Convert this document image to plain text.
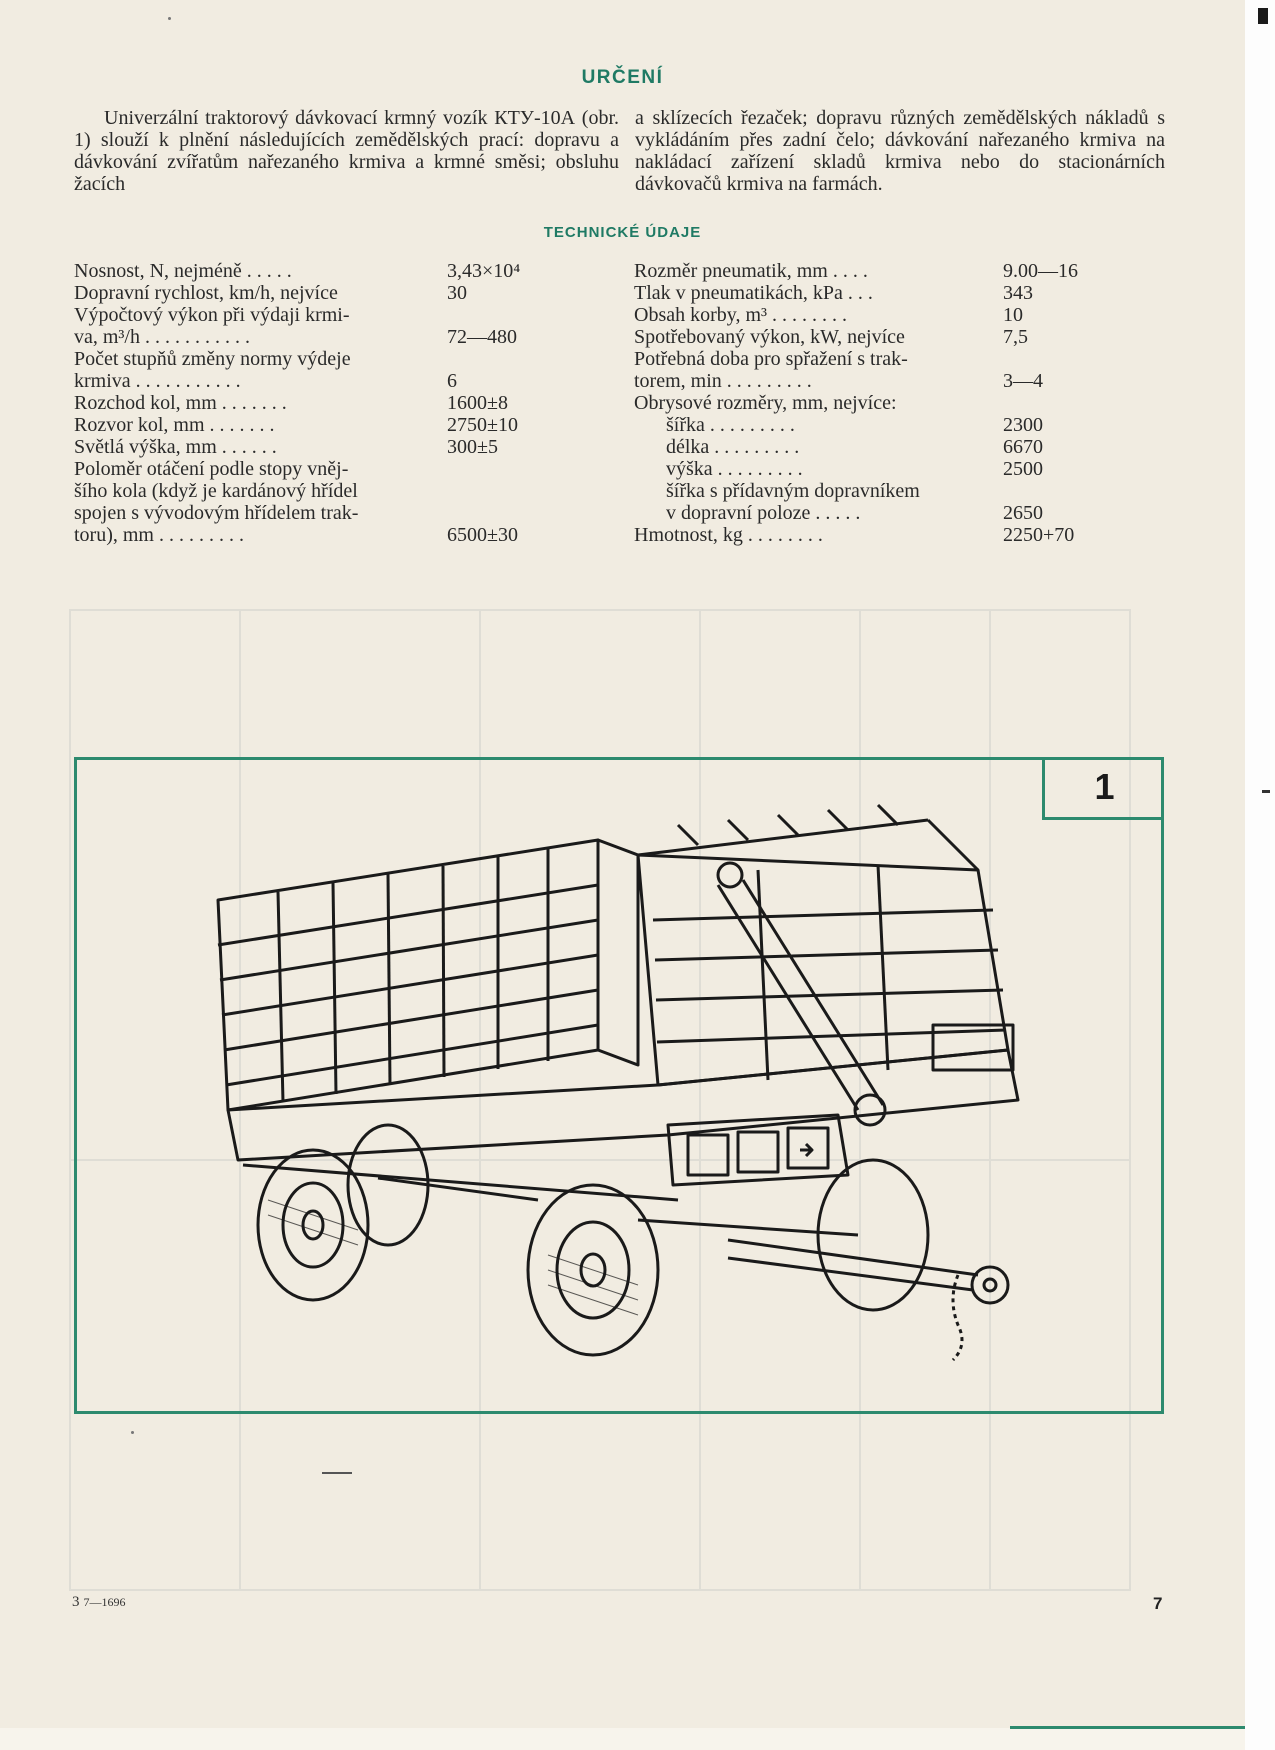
URČENÍ
Univerzální traktorový dávkovací krmný vozík КТУ-10А (obr. 1) slouží k plnění následujících zemědělských prací: dopravu a dávkování zvířatům nařezaného krmiva a krmné směsi; obsluhu žacích
a sklízecích řezaček; dopravu různých zemědělských nákladů s vykládáním přes zadní čelo; dávkování nařezaného krmiva na nakládací zařízení skladů krmiva nebo do stacionárních dávkovačů krmiva na farmách.
TECHNICKÉ ÚDAJE
Nosnost, N, nejméně . . . . .	3,43×10⁴
Dopravní rychlost, km/h, nejvíce	30
Výpočtový výkon při výdaji krmi-
va, m³/h . . . . . . . . . . .	72—480
Počet stupňů změny normy výdeje
krmiva . . . . . . . . . . .	6
Rozchod kol, mm . . . . . . .	1600±8
Rozvor kol, mm . . . . . . .	2750±10
Světlá výška, mm . . . . . .	300±5
Poloměr otáčení podle stopy vněj-
šího kola (když je kardánový hřídel
spojen s vývodovým hřídelem trak-
toru), mm . . . . . . . . .	6500±30
Rozměr pneumatik, mm . . . .	9.00—16
Tlak v pneumatikách, kPa . . .	343
Obsah korby, m³ . . . . . . . .	10
Spotřebovaný výkon, kW, nejvíce	7,5
Potřebná doba pro spřažení s trak-
torem, min . . . . . . . . .	3—4
Obrysové rozměry, mm, nejvíce:
šířka . . . . . . . . .	2300
délka . . . . . . . . .	6670
výška . . . . . . . . .	2500
šířka s přídavným dopravníkem
v dopravní poloze . . . . .	2650
Hmotnost, kg . . . . . . . .	2250+70
1
3 7—1696	7
